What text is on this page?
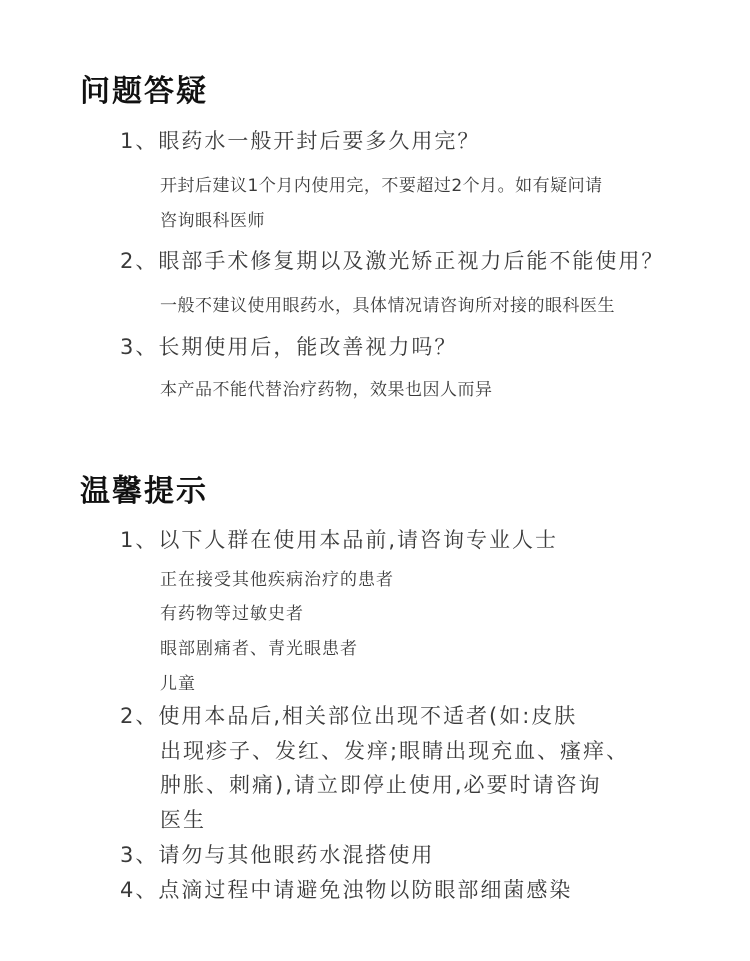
问题答疑

1、眼药水一般开封后要多久用完？

开封后建议1个月内使用完，不要超过2个月。如有疑问请

咨询眼科医师

2、眼部手术修复期以及激光矫正视力后能不能使用？

一般不建议使用眼药水，具体情况请咨询所对接的眼科医生

3、长期使用后，能改善视力吗？

本产品不能代替治疗药物，效果也因人而异

温馨提示

1、以下人群在使用本品前,请咨询专业人士

正在接受其他疾病治疗的患者

有药物等过敏史者

眼部剧痛者、青光眼患者

儿童

2、使用本品后,相关部位出现不适者(如:皮肤

出现疹子、发红、发痒;眼睛出现充血、瘙痒、

肿胀、刺痛),请立即停止使用,必要时请咨询

医生

3、请勿与其他眼药水混搭使用

4、点滴过程中请避免浊物以防眼部细菌感染
